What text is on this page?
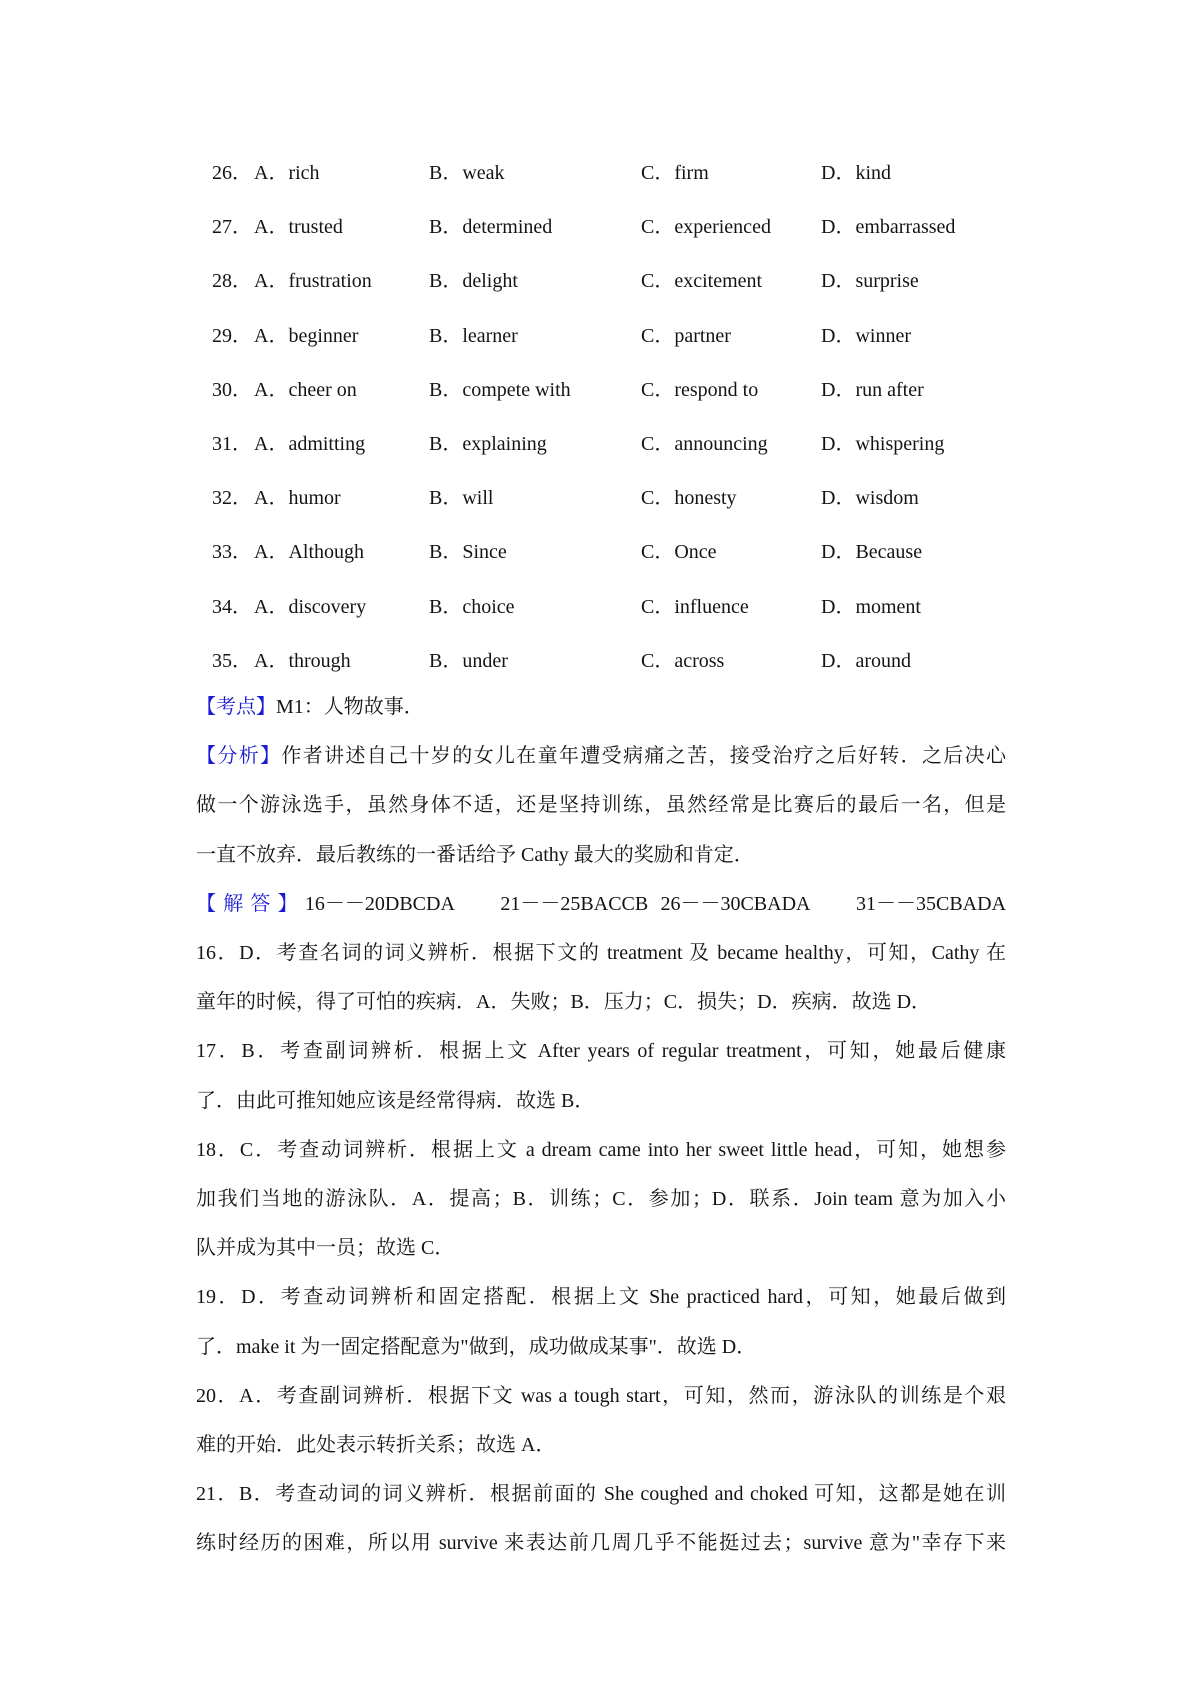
26． A．rich	B．weak	C．firm	D．kind
27． A．trusted	B．determined	C．experienced	D．embarrassed
28． A．frustration	B．delight	C．excitement	D．surprise
29． A．beginner	B．learner	C．partner	D．winner
30． A．cheer on	B．compete with	C．respond to	D．run after
31． A．admitting	B．explaining	C．announcing	D．whispering
32． A．humor	B．will	C．honesty	D．wisdom
33． A．Although	B．Since	C．Once	D．Because
34． A．discovery	B．choice	C．influence	D．moment
35． A．through	B．under	C．across	D．around
【考点】M1：人物故事．
【分析】作者讲述自己十岁的女儿在童年遭受病痛之苦，接受治疗之后好转．之后决心
做一个游泳选手，虽然身体不适，还是坚持训练，虽然经常是比赛后的最后一名，但是
一直不放弃．最后教练的一番话给予 Cathy 最大的奖励和肯定．
【解答】16－－20DBCDA　 21－－25BACCB 26－－30CBADA　 31－－35CBADA
16．D．考查名词的词义辨析．根据下文的 treatment 及 became healthy，可知，Cathy 在
童年的时候，得了可怕的疾病．A．失败；B．压力；C．损失；D．疾病．故选 D．
17．B．考查副词辨析．根据上文 After years of regular treatment，可知，她最后健康
了．由此可推知她应该是经常得病．故选 B．
18．C．考查动词辨析．根据上文 a dream came into her sweet little head，可知，她想参
加我们当地的游泳队．A．提高；B．训练；C．参加；D．联系．Join team 意为加入小
队并成为其中一员；故选 C．
19．D．考查动词辨析和固定搭配．根据上文 She practiced hard，可知，她最后做到
了．make it 为一固定搭配意为"做到，成功做成某事"．故选 D．
20．A．考查副词辨析．根据下文 was a tough start，可知，然而，游泳队的训练是个艰
难的开始．此处表示转折关系；故选 A．
21．B．考查动词的词义辨析．根据前面的 She coughed and choked 可知，这都是她在训
练时经历的困难，所以用 survive 来表达前几周几乎不能挺过去；survive 意为"幸存下来
